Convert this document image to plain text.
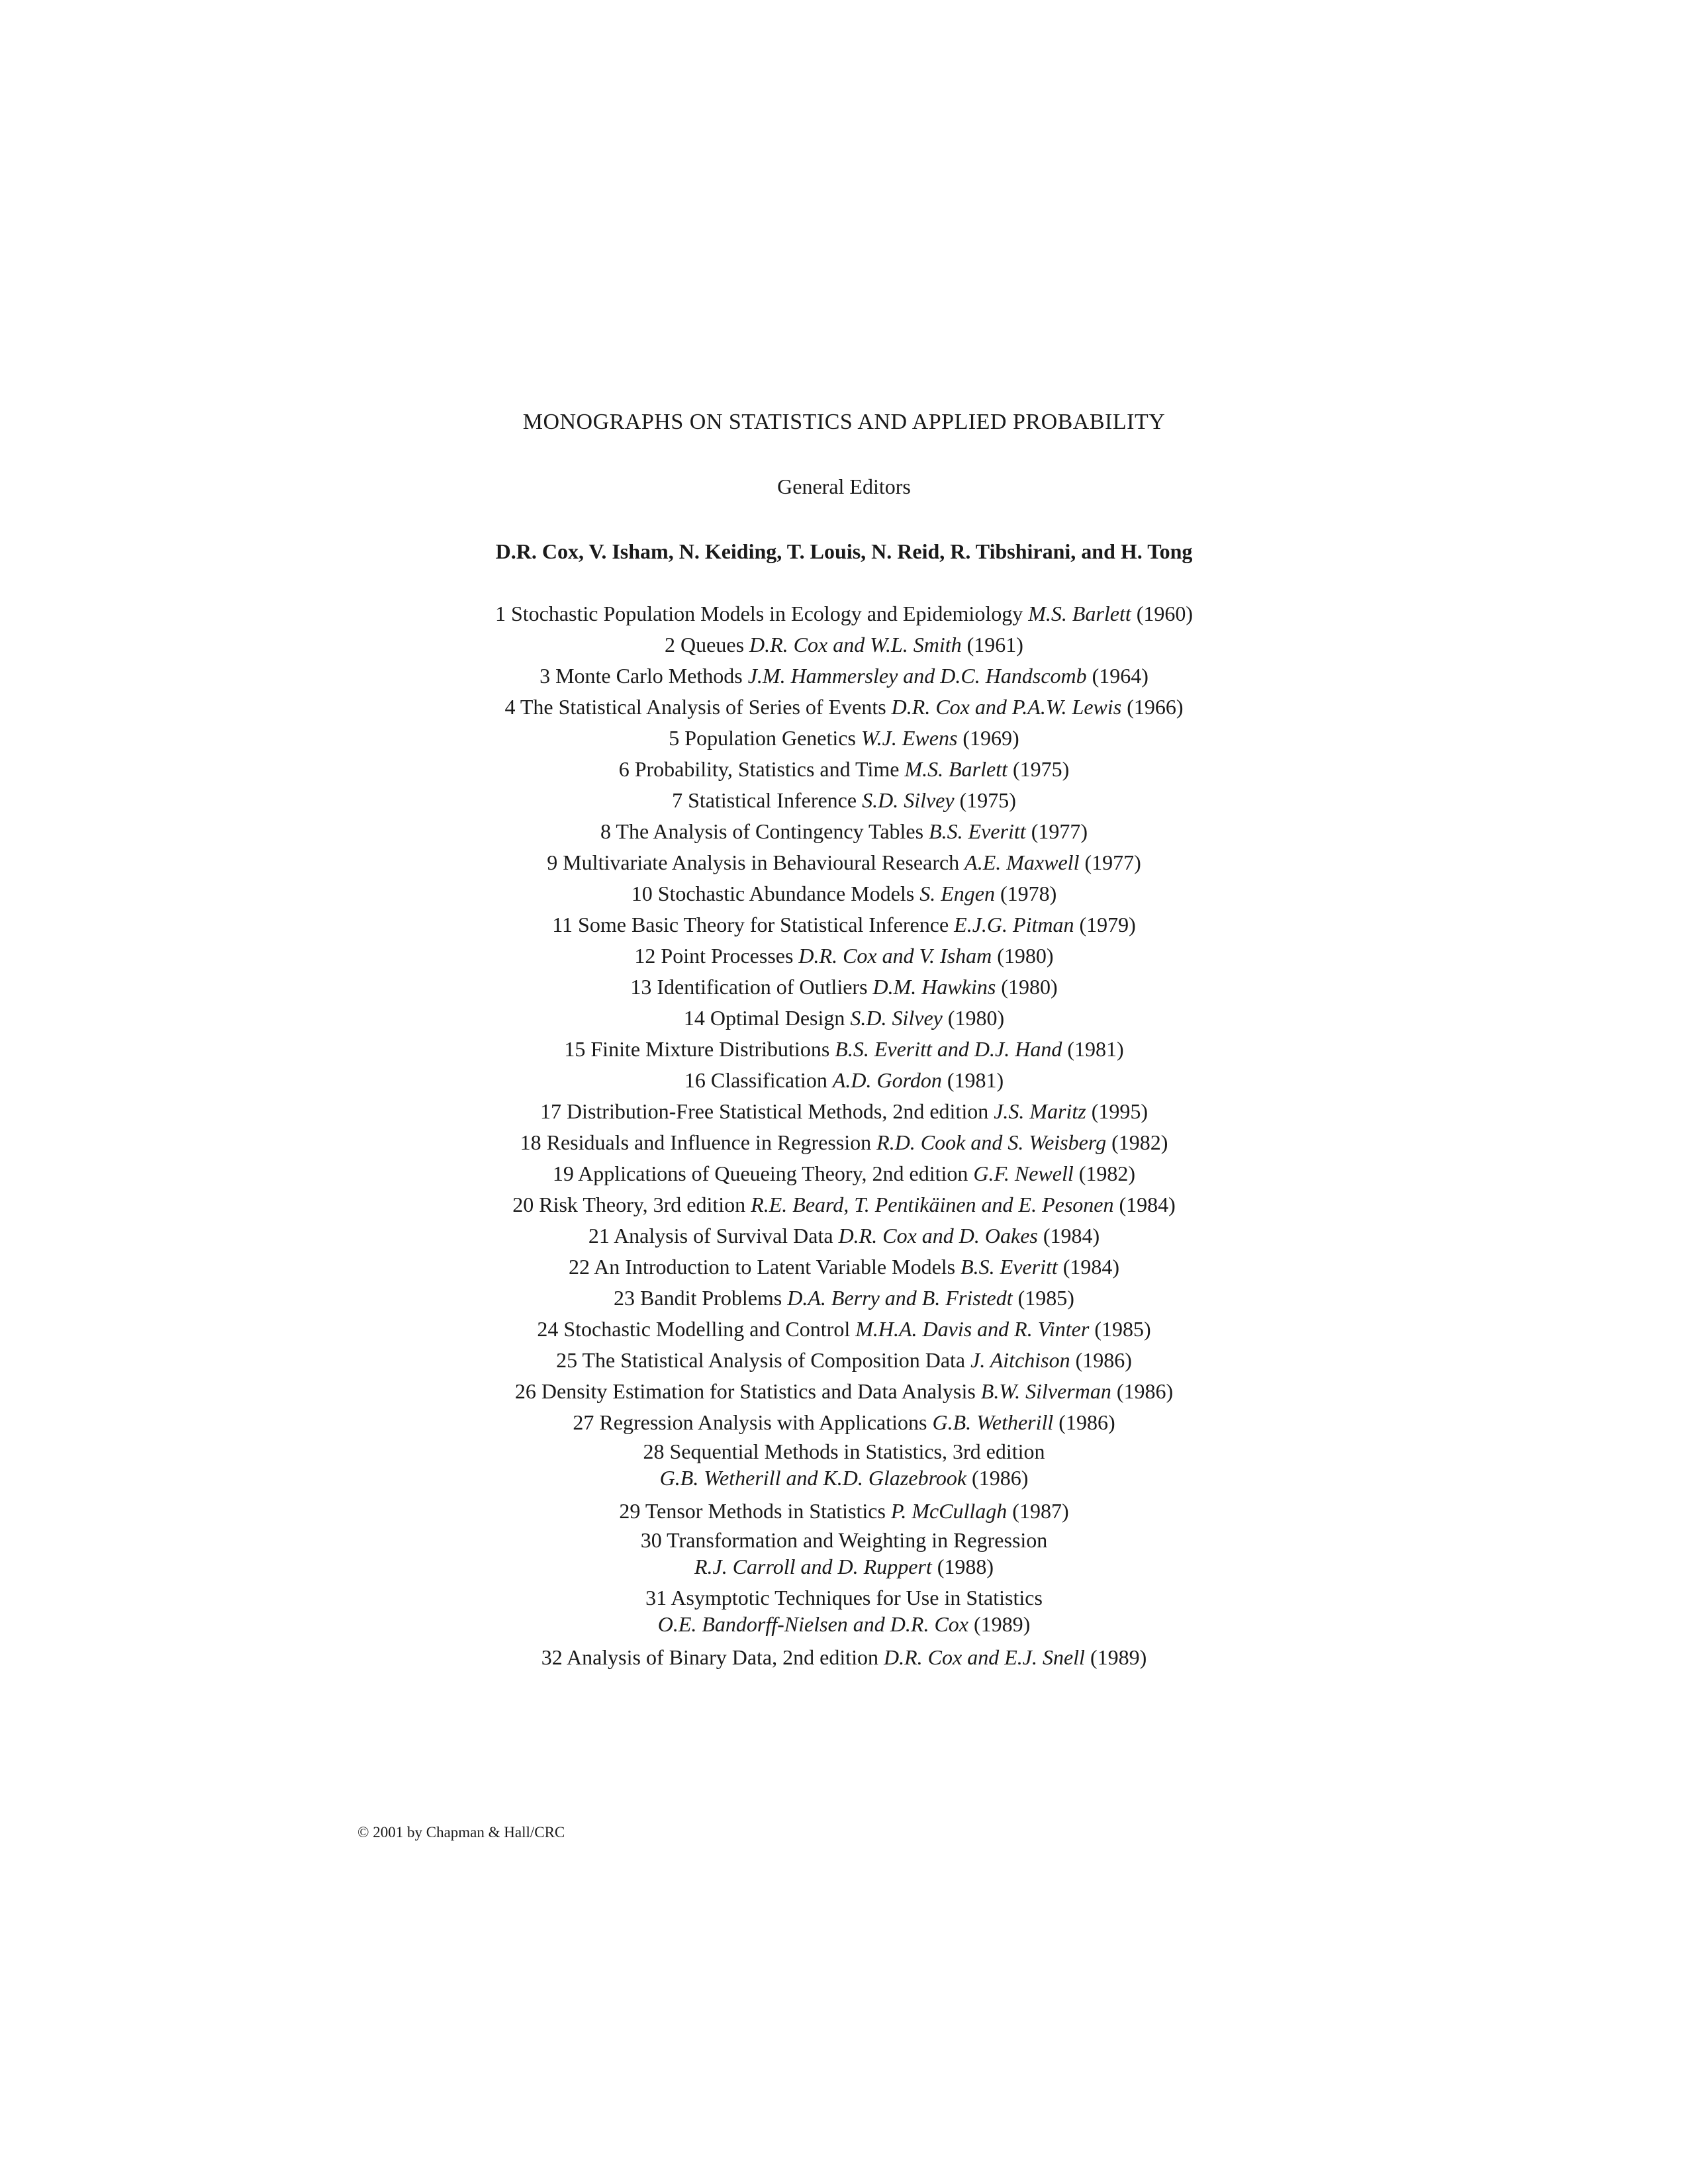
MONOGRAPHS ON STATISTICS AND APPLIED PROBABILITY
General Editors
D.R. Cox, V. Isham, N. Keiding, T. Louis, N. Reid, R. Tibshirani, and H. Tong
1 Stochastic Population Models in Ecology and Epidemiology M.S. Barlett (1960)
2 Queues D.R. Cox and W.L. Smith (1961)
3 Monte Carlo Methods J.M. Hammersley and D.C. Handscomb (1964)
4 The Statistical Analysis of Series of Events D.R. Cox and P.A.W. Lewis (1966)
5 Population Genetics W.J. Ewens (1969)
6 Probability, Statistics and Time M.S. Barlett (1975)
7 Statistical Inference S.D. Silvey (1975)
8 The Analysis of Contingency Tables B.S. Everitt (1977)
9 Multivariate Analysis in Behavioural Research A.E. Maxwell (1977)
10 Stochastic Abundance Models S. Engen (1978)
11 Some Basic Theory for Statistical Inference E.J.G. Pitman (1979)
12 Point Processes D.R. Cox and V. Isham (1980)
13 Identification of Outliers D.M. Hawkins (1980)
14 Optimal Design S.D. Silvey (1980)
15 Finite Mixture Distributions B.S. Everitt and D.J. Hand (1981)
16 Classification A.D. Gordon (1981)
17 Distribution-Free Statistical Methods, 2nd edition J.S. Maritz (1995)
18 Residuals and Influence in Regression R.D. Cook and S. Weisberg (1982)
19 Applications of Queueing Theory, 2nd edition G.F. Newell (1982)
20 Risk Theory, 3rd edition R.E. Beard, T. Pentikäinen and E. Pesonen (1984)
21 Analysis of Survival Data D.R. Cox and D. Oakes (1984)
22 An Introduction to Latent Variable Models B.S. Everitt (1984)
23 Bandit Problems D.A. Berry and B. Fristedt (1985)
24 Stochastic Modelling and Control M.H.A. Davis and R. Vinter (1985)
25 The Statistical Analysis of Composition Data J. Aitchison (1986)
26 Density Estimation for Statistics and Data Analysis B.W. Silverman (1986)
27 Regression Analysis with Applications G.B. Wetherill (1986)
28 Sequential Methods in Statistics, 3rd edition
G.B. Wetherill and K.D. Glazebrook (1986)
29 Tensor Methods in Statistics P. McCullagh (1987)
30 Transformation and Weighting in Regression
R.J. Carroll and D. Ruppert (1988)
31 Asymptotic Techniques for Use in Statistics
O.E. Bandorff-Nielsen and D.R. Cox (1989)
32 Analysis of Binary Data, 2nd edition D.R. Cox and E.J. Snell (1989)
© 2001 by Chapman & Hall/CRC
